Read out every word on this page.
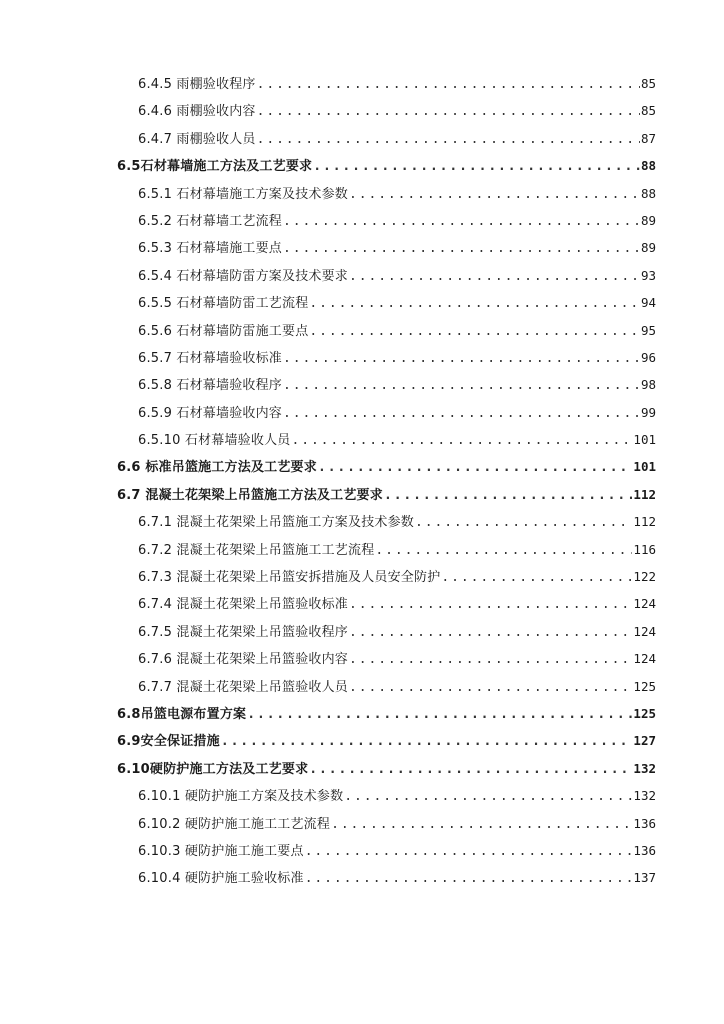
6.4.5 雨棚验收程序 .....	85
6.4.6 雨棚验收内容 .....	85
6.4.7 雨棚验收人员 .....	87
6.5石材幕墙施工方法及工艺要求 .....	88
6.5.1 石材幕墙施工方案及技术参数 .....	88
6.5.2 石材幕墙工艺流程 .....	89
6.5.3 石材幕墙施工要点 .....	89
6.5.4 石材幕墙防雷方案及技术要求 .....	93
6.5.5 石材幕墙防雷工艺流程 .....	94
6.5.6 石材幕墙防雷施工要点 .....	95
6.5.7 石材幕墙验收标准 .....	96
6.5.8 石材幕墙验收程序 .....	98
6.5.9 石材幕墙验收内容 .....	99
6.5.10 石材幕墙验收人员 .....	101
6.6 标准吊篮施工方法及工艺要求 .....	101
6.7 混凝土花架梁上吊篮施工方法及工艺要求 .....	112
6.7.1 混凝土花架梁上吊篮施工方案及技术参数 .....	112
6.7.2 混凝土花架梁上吊篮施工工艺流程 .....	116
6.7.3 混凝土花架梁上吊篮安拆措施及人员安全防护 .....	122
6.7.4 混凝土花架梁上吊篮验收标准 .....	124
6.7.5 混凝土花架梁上吊篮验收程序 .....	124
6.7.6 混凝土花架梁上吊篮验收内容 .....	124
6.7.7 混凝土花架梁上吊篮验收人员 .....	125
6.8吊篮电源布置方案 .....	125
6.9安全保证措施 .....	127
6.10硬防护施工方法及工艺要求 .....	132
6.10.1 硬防护施工方案及技术参数 .....	132
6.10.2 硬防护施工施工工艺流程 .....	136
6.10.3 硬防护施工施工要点 .....	136
6.10.4 硬防护施工验收标准 .....	137
